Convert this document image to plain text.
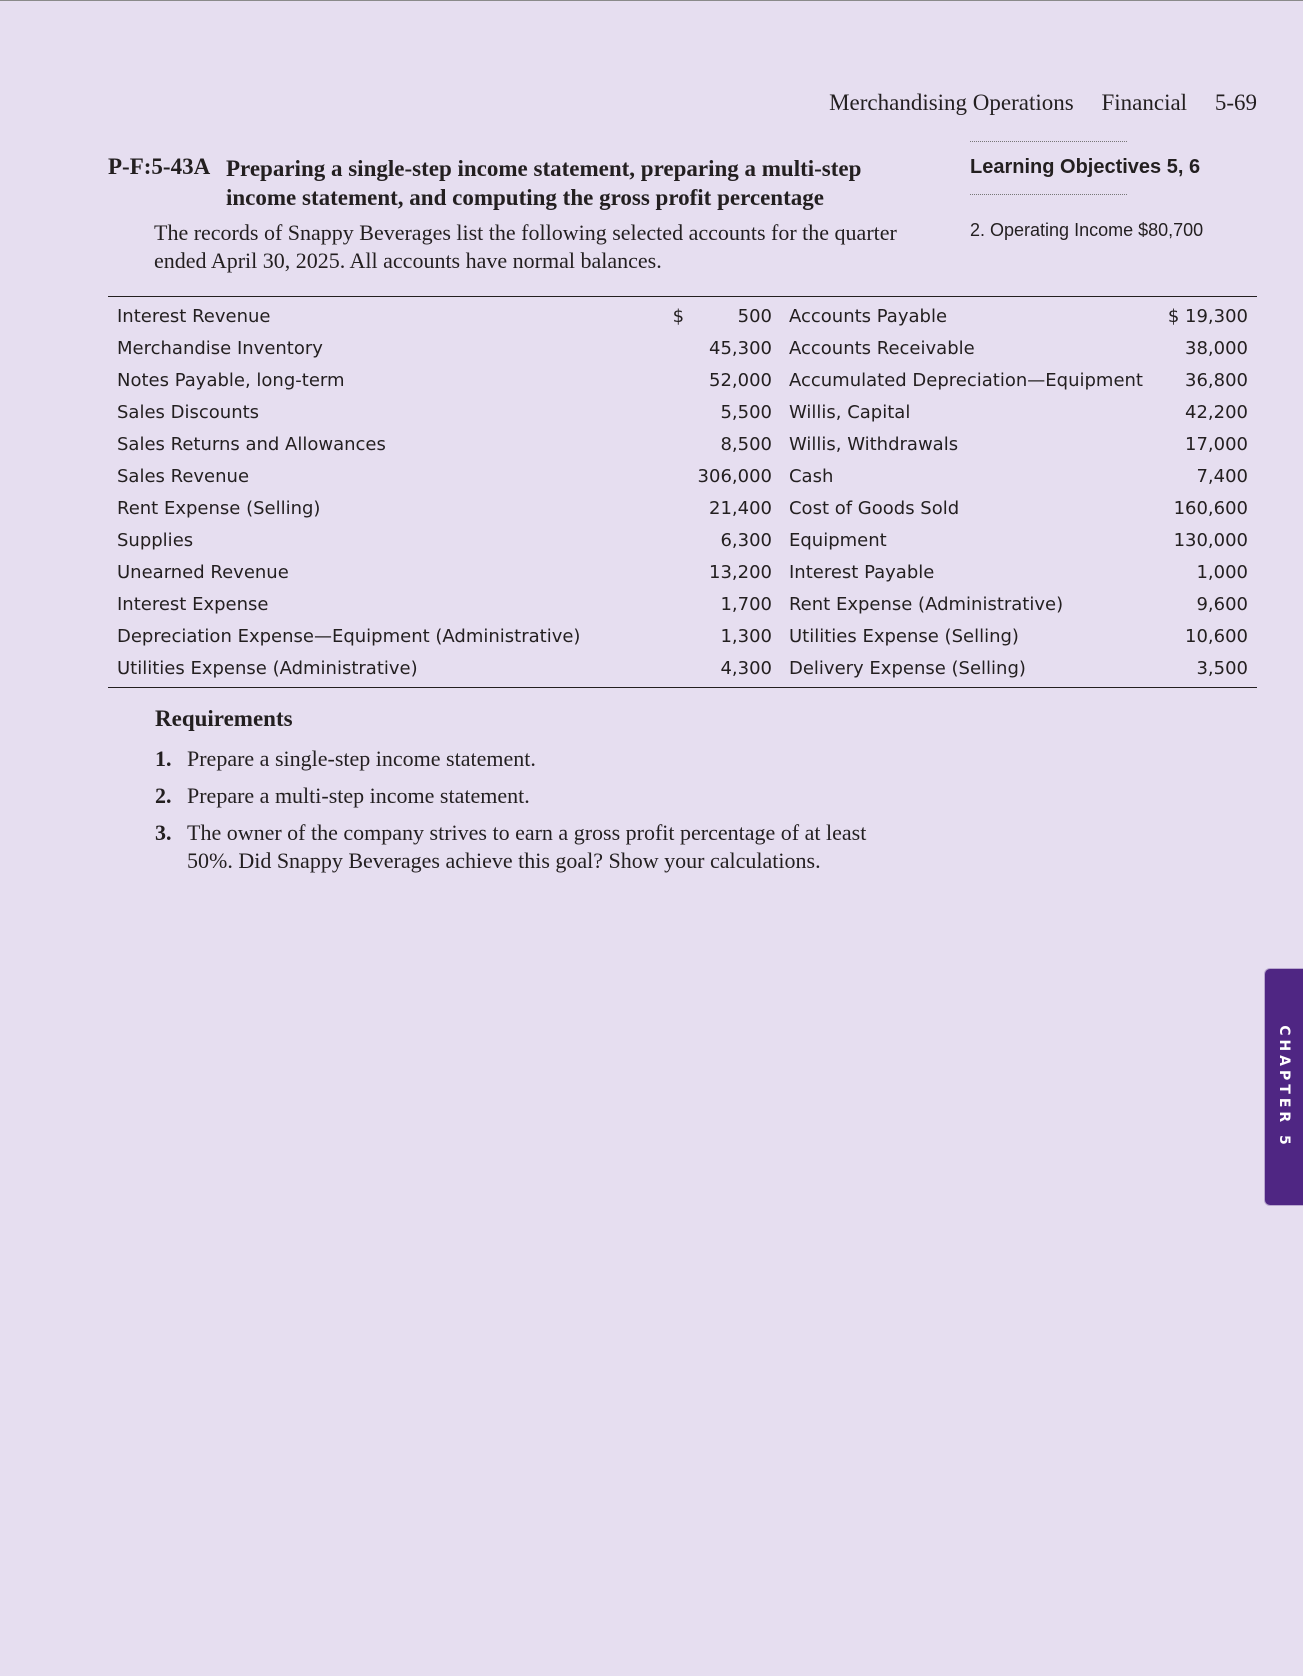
Merchandising Operations Financial 5-69
Learning Objectives 5, 6
2. Operating Income $80,700
P-F:5-43A Preparing a single-step income statement, preparing a multi-step income statement, and computing the gross profit percentage
The records of Snappy Beverages list the following selected accounts for the quarter ended April 30, 2025. All accounts have normal balances.
Interest Revenue	$	500	Accounts Payable	$ 19,300
Merchandise Inventory		45,300	Accounts Receivable	38,000
Notes Payable, long-term		52,000	Accumulated Depreciation—Equipment	36,800
Sales Discounts		5,500	Willis, Capital	42,200
Sales Returns and Allowances		8,500	Willis, Withdrawals	17,000
Sales Revenue		306,000	Cash	7,400
Rent Expense (Selling)		21,400	Cost of Goods Sold	160,600
Supplies		6,300	Equipment	130,000
Unearned Revenue		13,200	Interest Payable	1,000
Interest Expense		1,700	Rent Expense (Administrative)	9,600
Depreciation Expense—Equipment (Administrative)		1,300	Utilities Expense (Selling)	10,600
Utilities Expense (Administrative)		4,300	Delivery Expense (Selling)	3,500
Requirements
1. Prepare a single-step income statement.
2. Prepare a multi-step income statement.
3. The owner of the company strives to earn a gross profit percentage of at least 50%. Did Snappy Beverages achieve this goal? Show your calculations.
CHAPTER 5
